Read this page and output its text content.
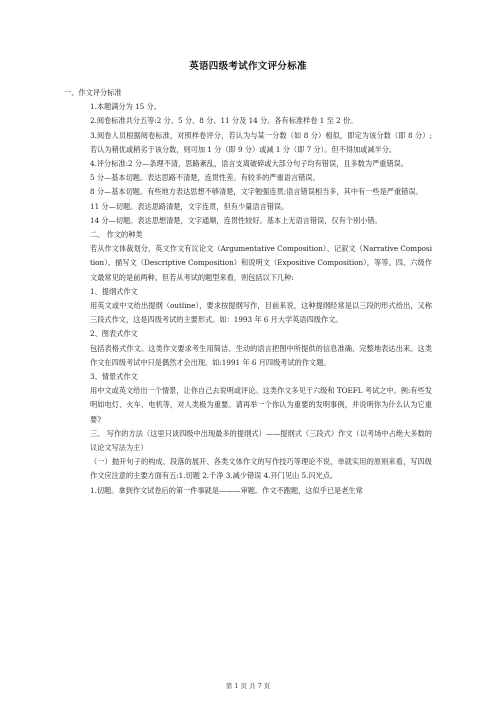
英语四级考试作文评分标准

一、作文评分标准

1.本题满分为 15 分。

2.阅卷标准共分五等:2 分、5 分、8 分、11 分及 14 分。各有标准样卷 1 至 2 份。

3.阅卷人员根据阅卷标准，对照样卷评分，若认为与某一分数（如 8 分）相似，即定为该分数（即 8 分）;若认为稍优或稍劣于该分数，则可加 1 分（即 9 分）或减 1 分（即 7 分）。但不得加或减半分。

4.评分标准:2 分—条理不清，思路紊乱，语言支离破碎或大部分句子均有错误，且多数为严重错误。

5 分—基本切题。表达思路不清楚，连贯性差。有较多的严重语言错误。

8 分—基本切题。有些地方表达思想不够清楚，文字勉强连贯;语言错误相当多，其中有一些是严重错误。

11 分—切题。表达思路清楚，文字连贯，但有少量语言错误。

14 分—切题。表达思想清楚，文字通顺，连贯性较好。基本上无语言错误，仅有个别小错。

二、 作文的种类

若从作文体裁划分，英文作文有议论文（Argumentative Composition）、记叙文（Narrative Composition）、描写文（Descriptive Composition）和说明文（Expositive Composition），等等。四、六级作文最常见的是前两种。但若从考试的题型来看，则包括以下几种:

1、提纲式作文

用英文或中文给出提纲（outline），要求按提纲写作，目前来说，这种提纲经常是以三段的形式给出，又称三段式作文，这是四级考试的主要形式。如：1993 年 6 月大学英语四级作文。

2、图表式作文

包括表格式作文。这类作文要求考生用简洁、生动的语言把图中所提供的信息准确、完整地表达出来。这类作文在四级考试中只是偶然才会出现。如:1991 年 6 月四级考试的作文题。

3、情景式作文

用中文或英文给出一个情景，让你自己去说明或评论。这类作文多见于六级和 TOEFL 考试之中。例:有些发明如电灯、火车、电机等，对人类极为重要。请再举一个你认为重要的发明事例，并说明你为什么认为它重要?

三、 写作的方法（这里只谈四级中出现最多的提纲式）——提纲式（三段式）作文（以考场中占绝大多数的议论文写法为主）

（一）抛开句子的构成、段落的展开、各类文体作文的写作技巧等理论不说，单就实用的原则来看，写四级作文应注意的主要方面有五:1.切题 2.千净 3.减少错误 4.开门见山 5.闪光点。

1.切题。拿到作文试卷后的第一件事就是———审题。作文不跑题，这似乎已是老生常

第 1 页 共 7 页
